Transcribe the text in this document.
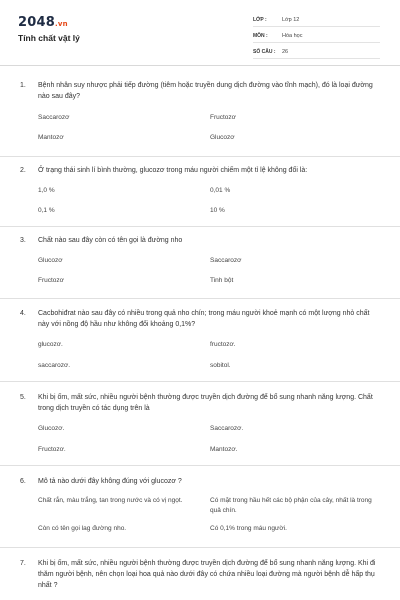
2048.vn
Tính chất vật lý
LỚP :	Lớp 12
MÔN :	Hóa học
SỐ CÂU :	26
1.	Bệnh nhân suy nhược phải tiếp đường (tiêm hoặc truyền dung dịch đường vào tĩnh mạch), đó là loại đường nào sau đây?
Saccarozơ	Fructozơ
Mantozơ	Glucozơ
2.	Ở trạng thái sinh lí bình thường, glucozơ trong máu người chiếm một tỉ lệ không đổi là:
1,0 %	0,01 %
0,1 %	10 %
3.	Chất nào sau đây còn có tên gọi là đường nho
Glucozơ	Saccarozơ
Fructozơ	Tinh bột
4.	Cacbohiđrat nào sau đây có nhiều trong quả nho chín; trong máu người khoẻ mạnh có một lượng nhỏ chất này với nồng độ hầu như không đổi khoảng 0,1%?
glucozơ.	fructozơ.
saccarozơ.	sobitol.
5.	Khi bị ốm, mất sức, nhiều người bệnh thường được truyền dịch đường để bổ sung nhanh năng lượng. Chất trong dịch truyền có tác dụng trên là
Glucozơ.	Saccarozơ.
Fructozơ.	Mantozơ.
6.	Mô tả nào dưới đây không đúng với glucozơ ?
Chất rắn, màu trắng, tan trong nước và có vị ngọt.	Có mặt trong hầu hết các bộ phận của cây, nhất là trong quả chín.
Còn có tên gọi lag đường nho.	Có 0,1% trong máu người.
7.	Khi bị ốm, mất sức, nhiều người bệnh thường được truyền dịch đường để bổ sung nhanh năng lượng. Khi đi thăm người bệnh, nên chọn loại hoa quả nào dưới đây có chứa nhiều loại đường mà người bệnh dễ hấp thụ nhất ?
